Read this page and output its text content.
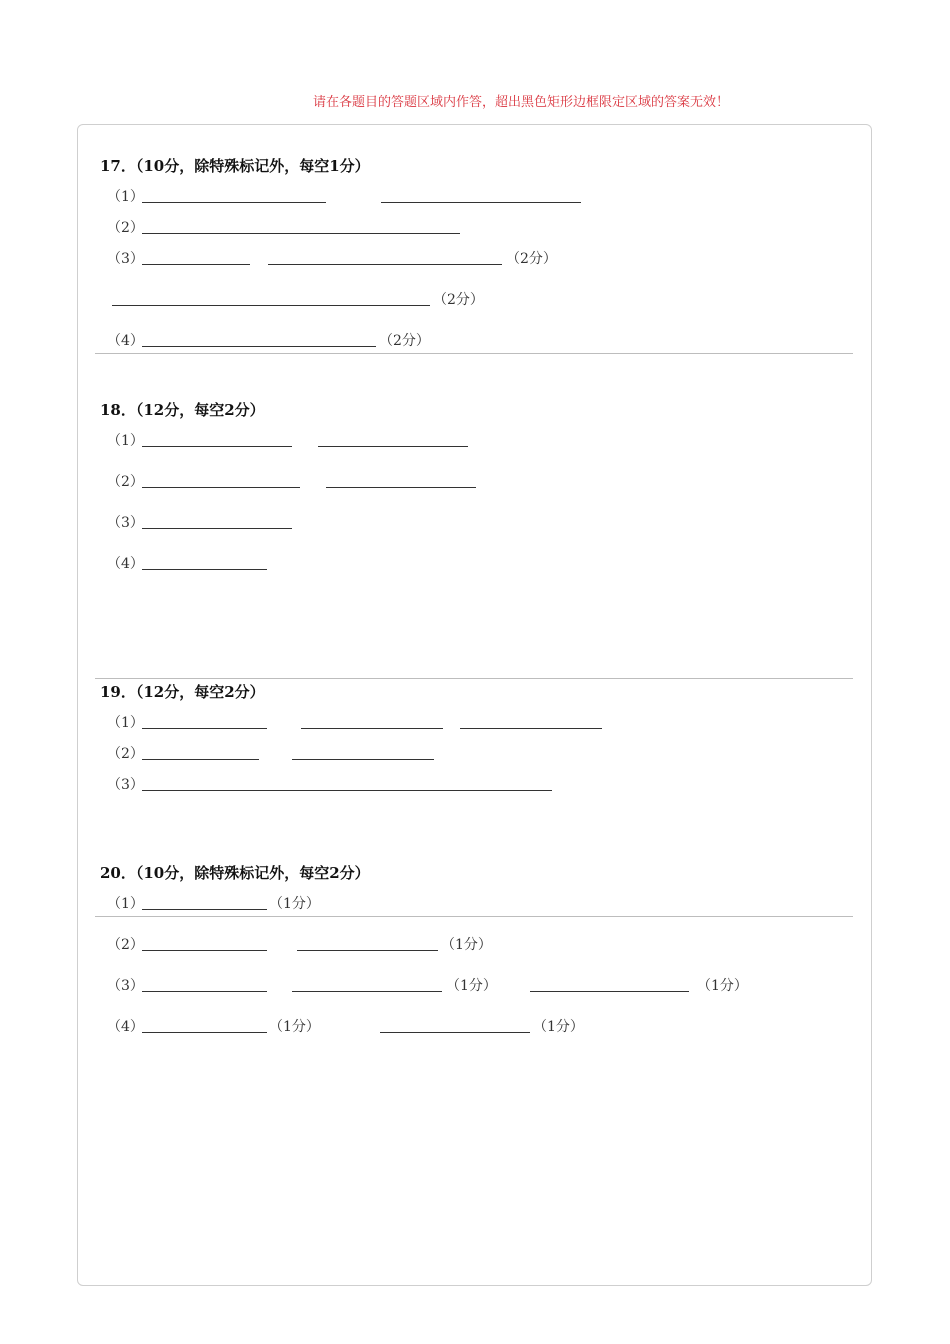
请在各题目的答题区域内作答，超出黑色矩形边框限定区域的答案无效！
17．（10分，除特殊标记外，每空1分）
（1）
（2）
（3）	（2分）
（2分）
（4）	（2分）
18．（12分，每空2分）
（1）
（2）
（3）
（4）
19．（12分，每空2分）
（1）
（2）
（3）
20．（10分，除特殊标记外，每空2分）
（1）	（1分）
（2）	（1分）
（3）	（1分）	（1分）
（4）	（1分）	（1分）
